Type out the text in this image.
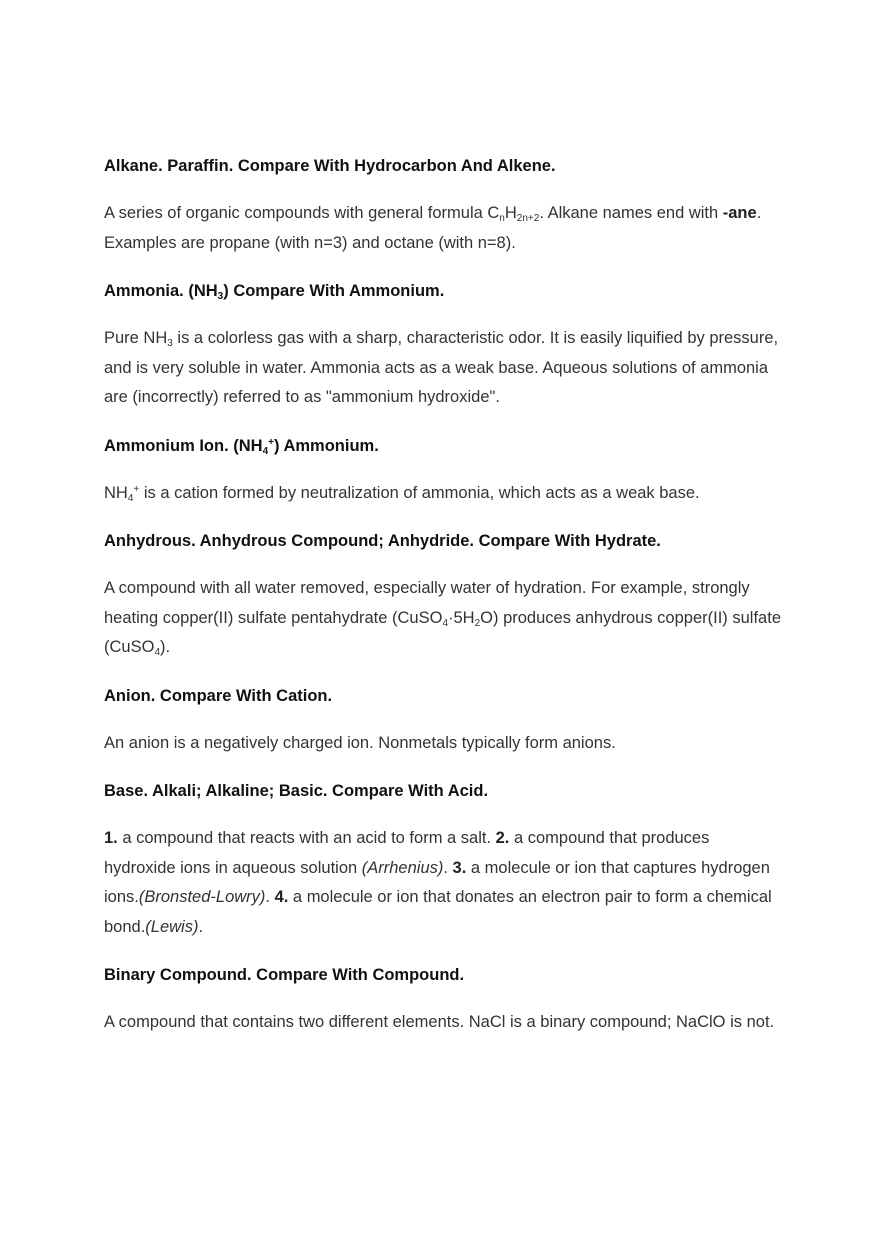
Alkane. Paraffin. Compare With Hydrocarbon And Alkene.
A series of organic compounds with general formula $C_nH_{2n+2}$. Alkane names end with -ane. Examples are propane (with n=3) and octane (with n=8).
Ammonia. $(NH_3)$ Compare With Ammonium.
Pure $NH_3$ is a colorless gas with a sharp, characteristic odor. It is easily liquified by pressure, and is very soluble in water. Ammonia acts as a weak base. Aqueous solutions of ammonia are (incorrectly) referred to as "ammonium hydroxide".
Ammonium Ion. $(NH_4^+)$ Ammonium.
$NH_4^+$ is a cation formed by neutralization of ammonia, which acts as a weak base.
Anhydrous. Anhydrous Compound; Anhydride. Compare With Hydrate.
A compound with all water removed, especially water of hydration. For example, strongly heating copper(II) sulfate pentahydrate $(CuSO_4\cdot 5H_2O)$ produces anhydrous copper(II) sulfate (CuSO$_4$).
Anion. Compare With Cation.
An anion is a negatively charged ion. Nonmetals typically form anions.
Base. Alkali; Alkaline; Basic. Compare With Acid.
1. a compound that reacts with an acid to form a salt. 2. a compound that produces hydroxide ions in aqueous solution (Arrhenius). 3. a molecule or ion that captures hydrogen ions.(Bronsted-Lowry). 4. a molecule or ion that donates an electron pair to form a chemical bond.(Lewis).
Binary Compound. Compare With Compound.
A compound that contains two different elements. NaCl is a binary compound; NaClO is not.
